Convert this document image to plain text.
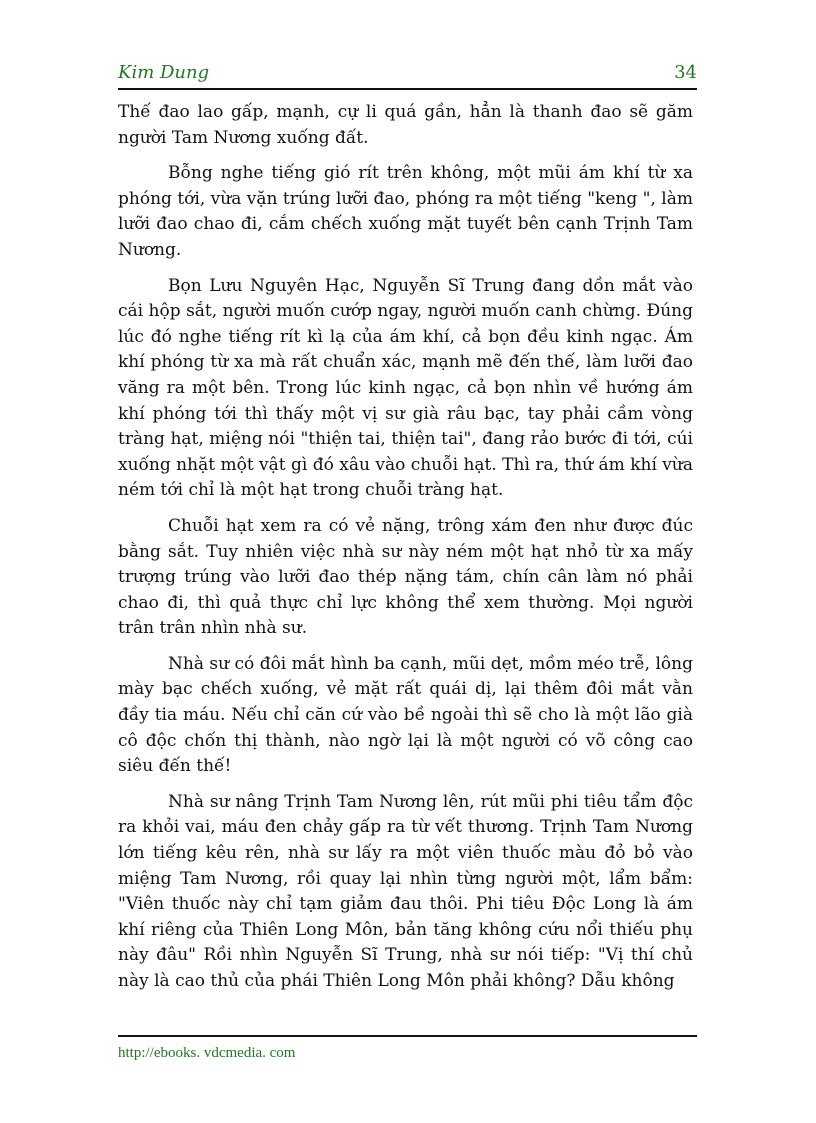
Kim Dung	34

Thế đao lao gấp, mạnh, cự li quá gần, hẳn là thanh đao sẽ găm người Tam Nương xuống đất.

Bỗng nghe tiếng gió rít trên không, một mũi ám khí từ xa phóng tới, vừa vặn trúng lưỡi đao, phóng ra một tiếng "keng ", làm lưỡi đao chao đi, cắm chếch xuống mặt tuyết bên cạnh Trịnh Tam Nương.

Bọn Lưu Nguyên Hạc, Nguyễn Sĩ Trung đang dồn mắt vào cái hộp sắt, người muốn cướp ngay, người muốn canh chừng. Đúng lúc đó nghe tiếng rít kì lạ của ám khí, cả bọn đều kinh ngạc. Ám khí phóng từ xa mà rất chuẩn xác, mạnh mẽ đến thế, làm lưỡi đao văng ra một bên. Trong lúc kinh ngạc, cả bọn nhìn về hướng ám khí phóng tới thì thấy một vị sư già râu bạc, tay phải cầm vòng tràng hạt, miệng nói "thiện tai, thiện tai", đang rảo bước đi tới, cúi xuống nhặt một vật gì đó xâu vào chuỗi hạt. Thì ra, thứ ám khí vừa ném tới chỉ là một hạt trong chuỗi tràng hạt.

Chuỗi hạt xem ra có vẻ nặng, trông xám đen như được đúc bằng sắt. Tuy nhiên việc nhà sư này ném một hạt nhỏ từ xa mấy trượng trúng vào lưỡi đao thép nặng tám, chín cân làm nó phải chao đi, thì quả thực chỉ lực không thể xem thường. Mọi người trân trân nhìn nhà sư.

Nhà sư có đôi mắt hình ba cạnh, mũi dẹt, mồm méo trễ, lông mày bạc chếch xuống, vẻ mặt rất quái dị, lại thêm đôi mắt vằn đầy tia máu. Nếu chỉ căn cứ vào bề ngoài thì sẽ cho là một lão già cô độc chốn thị thành, nào ngờ lại là một người có võ công cao siêu đến thế!

Nhà sư nâng Trịnh Tam Nương lên, rút mũi phi tiêu tẩm độc ra khỏi vai, máu đen chảy gấp ra từ vết thương. Trịnh Tam Nương lớn tiếng kêu rên, nhà sư lấy ra một viên thuốc màu đỏ bỏ vào miệng Tam Nương, rồi quay lại nhìn từng người một, lẩm bẩm: "Viên thuốc này chỉ tạm giảm đau thôi. Phi tiêu Độc Long là ám khí riêng của Thiên Long Môn, bản tăng không cứu nổi thiếu phụ này đâu" Rồi nhìn Nguyễn Sĩ Trung, nhà sư nói tiếp: "Vị thí chủ này là cao thủ của phái Thiên Long Môn phải không? Dẫu không

http://ebooks. vdcmedia. com
